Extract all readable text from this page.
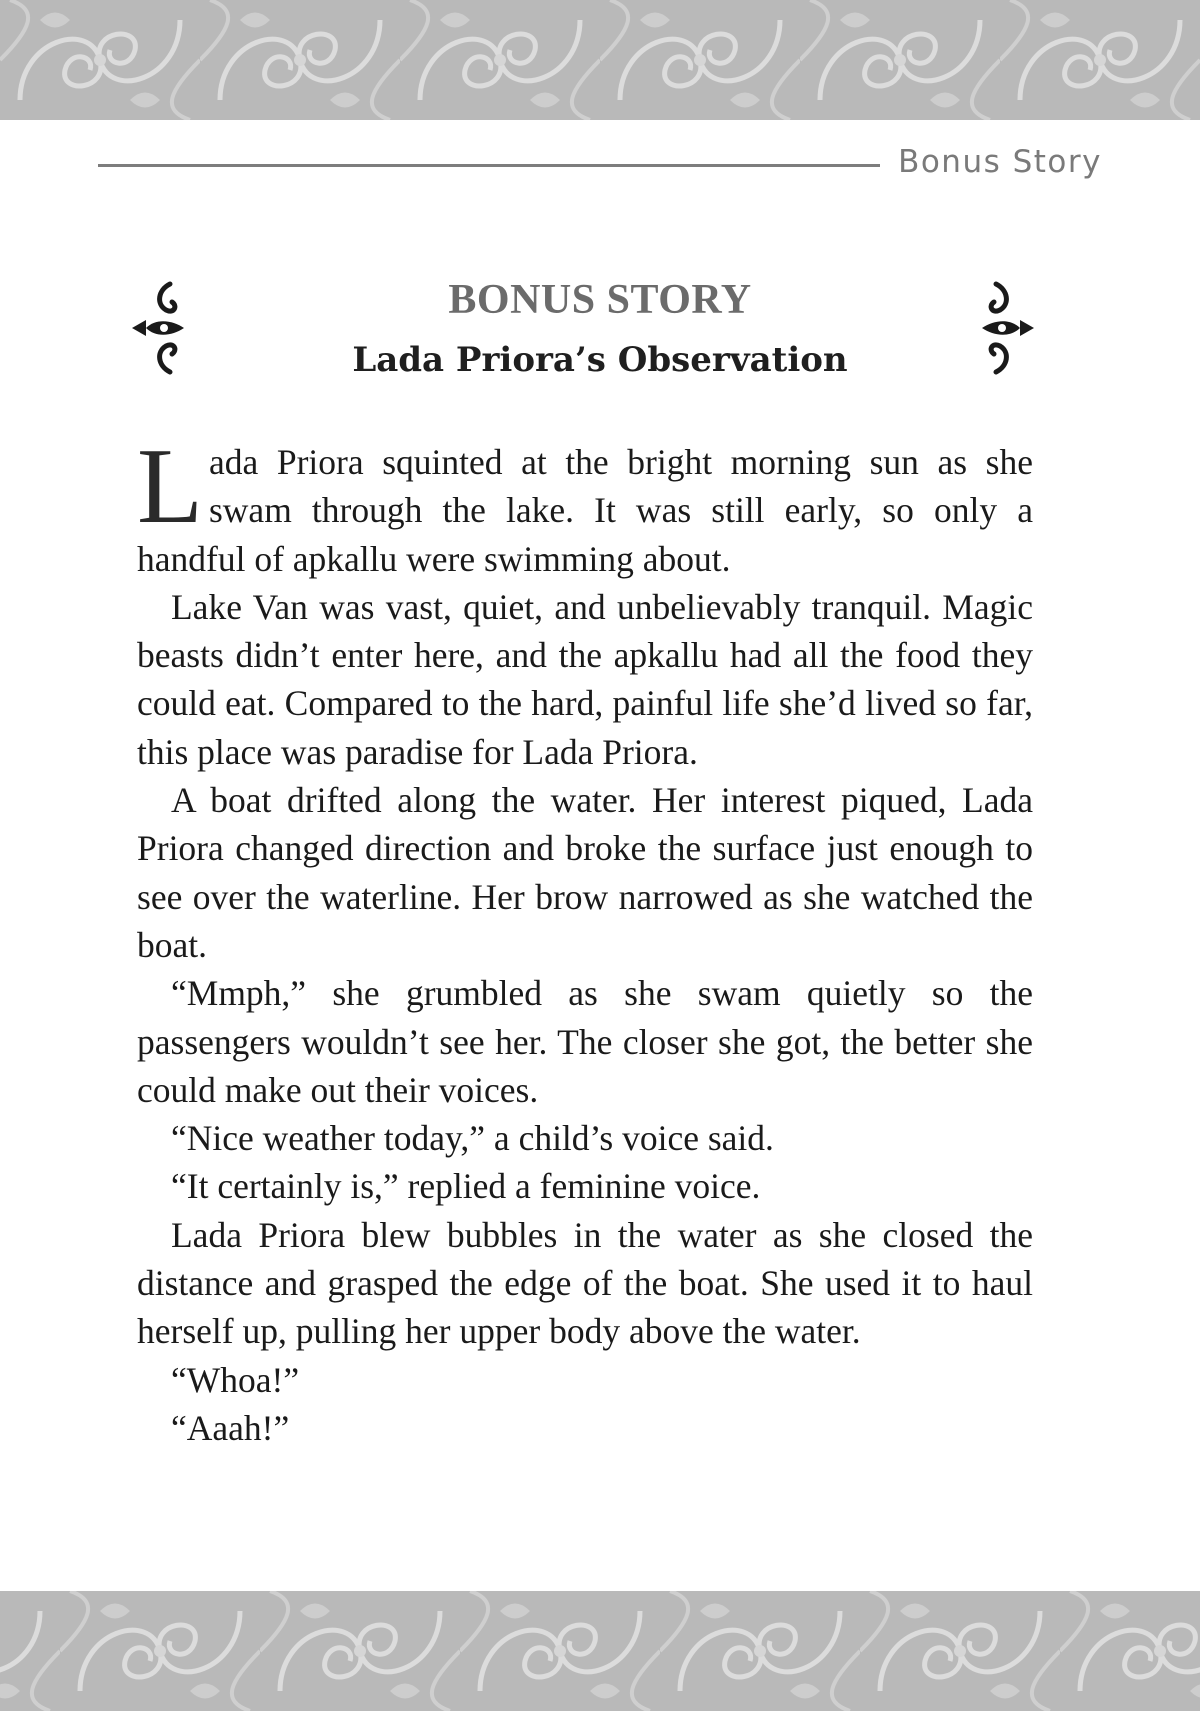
Bonus Story
BONUS STORY
Lada Priora’s Observation

Lada Priora squinted at the bright morning sun as she swam through the lake. It was still early, so only a handful of apkallu were swimming about.

Lake Van was vast, quiet, and unbelievably tranquil. Magic beasts didn’t enter here, and the apkallu had all the food they could eat. Compared to the hard, painful life she’d lived so far, this place was paradise for Lada Priora.

A boat drifted along the water. Her interest piqued, Lada Priora changed direction and broke the surface just enough to see over the waterline. Her brow narrowed as she watched the boat.

“Mmph,” she grumbled as she swam quietly so the passengers wouldn’t see her. The closer she got, the better she could make out their voices.

“Nice weather today,” a child’s voice said.

“It certainly is,” replied a feminine voice.

Lada Priora blew bubbles in the water as she closed the distance and grasped the edge of the boat. She used it to haul herself up, pulling her upper body above the water.

“Whoa!”

“Aaah!”
